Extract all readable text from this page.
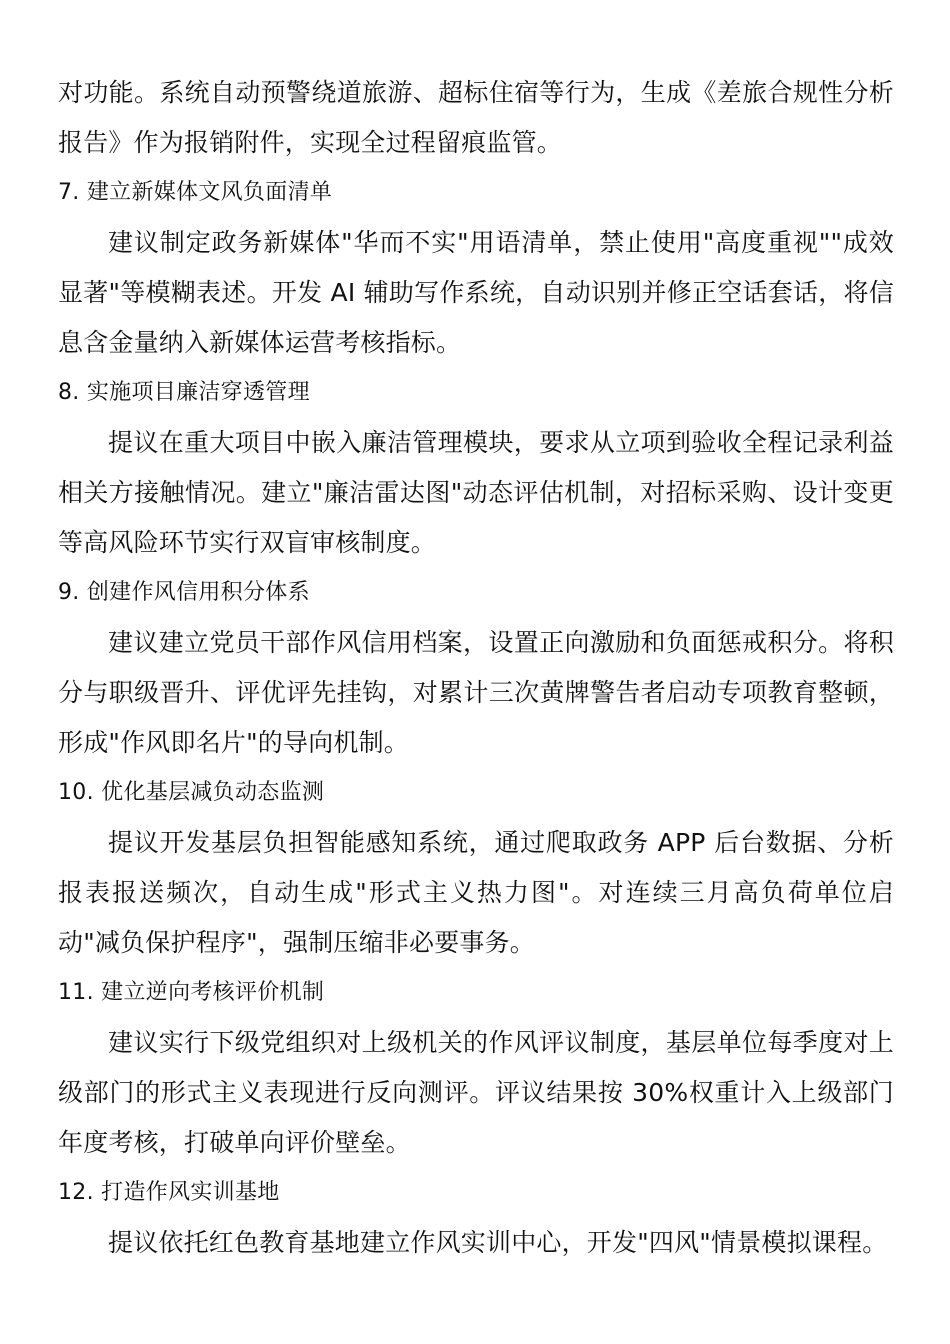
对功能。系统自动预警绕道旅游、超标住宿等行为，生成《差旅合规性分析报告》作为报销附件，实现全过程留痕监管。

7. 建立新媒体文风负面清单

建议制定政务新媒体"华而不实"用语清单，禁止使用"高度重视""成效显著"等模糊表述。开发 AI 辅助写作系统，自动识别并修正空话套话，将信息含金量纳入新媒体运营考核指标。

8. 实施项目廉洁穿透管理

提议在重大项目中嵌入廉洁管理模块，要求从立项到验收全程记录利益相关方接触情况。建立"廉洁雷达图"动态评估机制，对招标采购、设计变更等高风险环节实行双盲审核制度。

9. 创建作风信用积分体系

建议建立党员干部作风信用档案，设置正向激励和负面惩戒积分。将积分与职级晋升、评优评先挂钩，对累计三次黄牌警告者启动专项教育整顿，形成"作风即名片"的导向机制。

10. 优化基层减负动态监测

提议开发基层负担智能感知系统，通过爬取政务 APP 后台数据、分析报表报送频次，自动生成"形式主义热力图"。对连续三月高负荷单位启动"减负保护程序"，强制压缩非必要事务。

11. 建立逆向考核评价机制

建议实行下级党组织对上级机关的作风评议制度，基层单位每季度对上级部门的形式主义表现进行反向测评。评议结果按 30%权重计入上级部门年度考核，打破单向评价壁垒。

12. 打造作风实训基地

提议依托红色教育基地建立作风实训中心，开发"四风"情景模拟课程。
